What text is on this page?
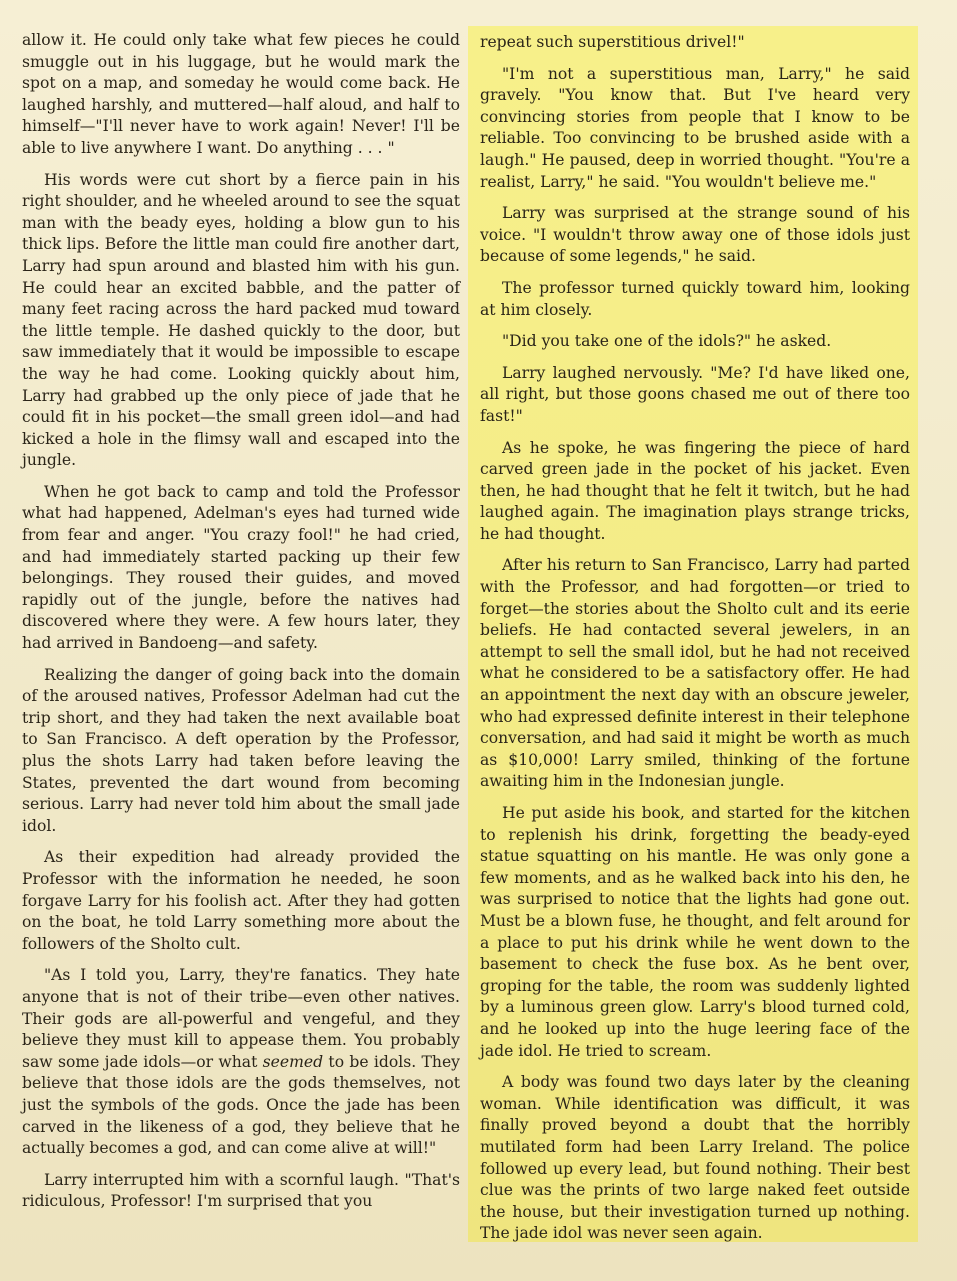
allow it. He could only take what few pieces he could smuggle out in his luggage, but he would mark the spot on a map, and someday he would come back. He laughed harshly, and muttered—half aloud, and half to himself—"I'll never have to work again! Never! I'll be able to live anywhere I want. Do anything . . . "

His words were cut short by a fierce pain in his right shoulder, and he wheeled around to see the squat man with the beady eyes, holding a blow gun to his thick lips. Before the little man could fire another dart, Larry had spun around and blasted him with his gun. He could hear an excited babble, and the patter of many feet racing across the hard packed mud toward the little temple. He dashed quickly to the door, but saw immediately that it would be impossible to escape the way he had come. Looking quickly about him, Larry had grabbed up the only piece of jade that he could fit in his pocket—the small green idol—and had kicked a hole in the flimsy wall and escaped into the jungle.

When he got back to camp and told the Professor what had happened, Adelman's eyes had turned wide from fear and anger. "You crazy fool!" he had cried, and had immediately started packing up their few belongings. They roused their guides, and moved rapidly out of the jungle, before the natives had discovered where they were. A few hours later, they had arrived in Bandoeng—and safety.

Realizing the danger of going back into the domain of the aroused natives, Professor Adelman had cut the trip short, and they had taken the next available boat to San Francisco. A deft operation by the Professor, plus the shots Larry had taken before leaving the States, prevented the dart wound from becoming serious. Larry had never told him about the small jade idol.

As their expedition had already provided the Professor with the information he needed, he soon forgave Larry for his foolish act. After they had gotten on the boat, he told Larry something more about the followers of the Sholto cult.

"As I told you, Larry, they're fanatics. They hate anyone that is not of their tribe—even other natives. Their gods are all-powerful and vengeful, and they believe they must kill to appease them. You probably saw some jade idols—or what seemed to be idols. They believe that those idols are the gods themselves, not just the symbols of the gods. Once the jade has been carved in the likeness of a god, they believe that he actually becomes a god, and can come alive at will!"

Larry interrupted him with a scornful laugh. "That's ridiculous, Professor! I'm surprised that you

repeat such superstitious drivel!"

"I'm not a superstitious man, Larry," he said gravely. "You know that. But I've heard very convincing stories from people that I know to be reliable. Too convincing to be brushed aside with a laugh." He paused, deep in worried thought. "You're a realist, Larry," he said. "You wouldn't believe me."

Larry was surprised at the strange sound of his voice. "I wouldn't throw away one of those idols just because of some legends," he said.

The professor turned quickly toward him, looking at him closely.

"Did you take one of the idols?" he asked.

Larry laughed nervously. "Me? I'd have liked one, all right, but those goons chased me out of there too fast!"

As he spoke, he was fingering the piece of hard carved green jade in the pocket of his jacket. Even then, he had thought that he felt it twitch, but he had laughed again. The imagination plays strange tricks, he had thought.

After his return to San Francisco, Larry had parted with the Professor, and had forgotten—or tried to forget—the stories about the Sholto cult and its eerie beliefs. He had contacted several jewelers, in an attempt to sell the small idol, but he had not received what he considered to be a satisfactory offer. He had an appointment the next day with an obscure jeweler, who had expressed definite interest in their telephone conversation, and had said it might be worth as much as $10,000! Larry smiled, thinking of the fortune awaiting him in the Indonesian jungle.

He put aside his book, and started for the kitchen to replenish his drink, forgetting the beady-eyed statue squatting on his mantle. He was only gone a few moments, and as he walked back into his den, he was surprised to notice that the lights had gone out. Must be a blown fuse, he thought, and felt around for a place to put his drink while he went down to the basement to check the fuse box. As he bent over, groping for the table, the room was suddenly lighted by a luminous green glow. Larry's blood turned cold, and he looked up into the huge leering face of the jade idol. He tried to scream.

A body was found two days later by the cleaning woman. While identification was difficult, it was finally proved beyond a doubt that the horribly mutilated form had been Larry Ireland. The police followed up every lead, but found nothing. Their best clue was the prints of two large naked feet outside the house, but their investigation turned up nothing. The jade idol was never seen again.
